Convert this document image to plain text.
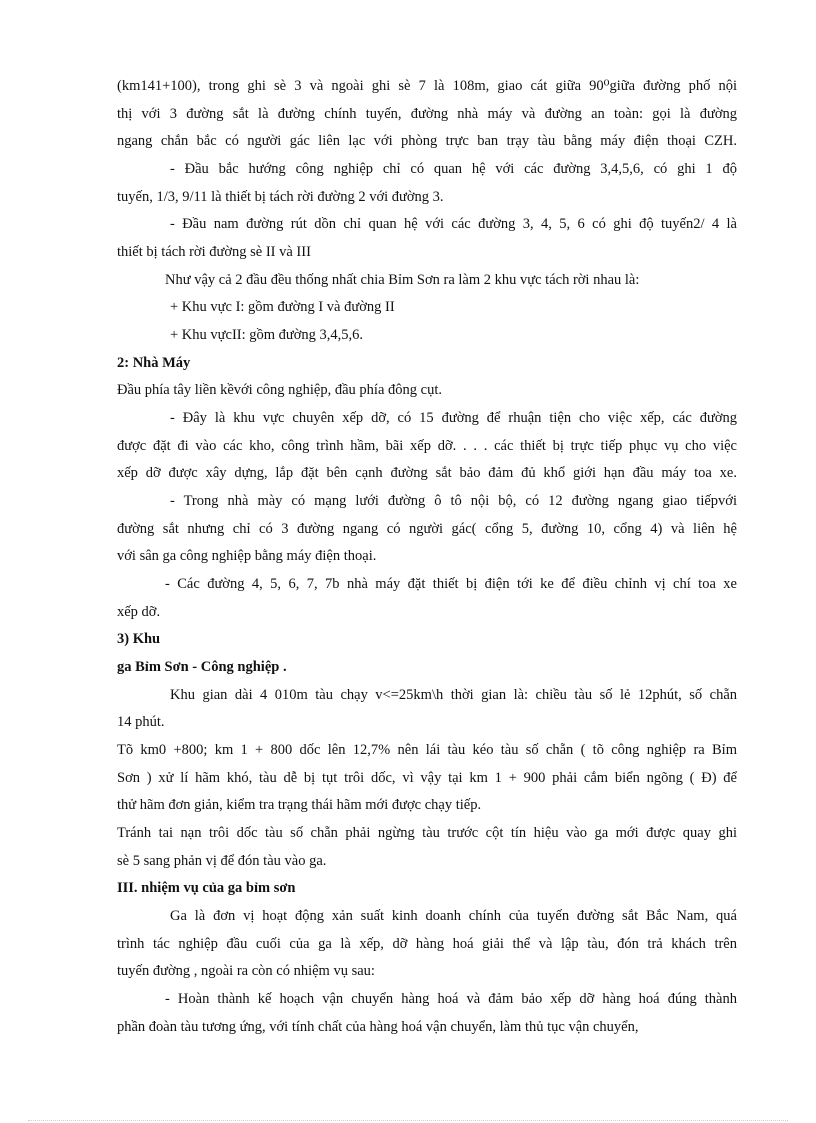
(km141+100), trong ghi sè 3 và ngoài ghi sè 7 là 108m, giao cát giữa 90⁰giữa đường phố nội
thị với 3 đường sắt là đường chính tuyến, đường nhà máy và đường an toàn: gọi là đường
ngang chắn bắc có người gác liên lạc với phòng trực ban trạy tàu bằng máy điện thoại CZH.
- Đầu bắc hướng công nghiệp chỉ có quan hệ với các đường 3,4,5,6, có ghi 1 độ
tuyến, 1/3, 9/11 là thiết bị tách rời đường 2 với đường 3.
- Đầu nam đường rút dồn chỉ quan hệ với các đường 3, 4, 5, 6 có ghi độ tuyến2/ 4 là
thiết bị tách rời đường sè II và III
Như vậy cả 2 đầu đều thống nhất chia Bỉm Sơn ra làm 2 khu vực tách rời nhau là:
+ Khu vực I: gồm đường I và đường II
+ Khu vựcII: gồm đường 3,4,5,6.
2: Nhà Máy
Đầu phía tây liền kềvới công nghiệp, đầu phía đông cụt.
- Đây là khu vực chuyên xếp dỡ, có 15 đường để rhuận tiện cho việc xếp, các đường
được đặt đi vào các kho, công trình hầm, bãi xếp dỡ. . . . các thiết bị trực tiếp phục vụ cho việc
xếp dỡ được xây dựng, lắp đặt bên cạnh đường sắt bảo đảm đủ khổ giới hạn đầu máy toa xe.
- Trong nhà mày có mạng lưới đường ô tô nội bộ, có 12 đường ngang giao tiếpvới
đường sắt nhưng chỉ có 3 đường ngang có người gác( cổng 5, đường 10, cổng 4) và liên hệ
với sân ga công nghiệp bằng máy điện thoại.
- Các đường 4, 5, 6, 7, 7b nhà máy đặt thiết bị điện tới ke để điều chỉnh vị chí toa xe
xếp dỡ.
3) Khu
ga Bỉm Sơn - Công nghiệp .
Khu gian dài 4 010m tàu chạy v<=25km\h thời gian là: chiều tàu số lẻ 12phút, số chẵn
14 phút.
Tõ km0 +800; km 1 + 800 dốc lên 12,7% nên lái tàu kéo tàu số chẵn ( tõ công nghiệp ra Bỉm
Sơn ) xử lí hãm khó, tàu dễ bị tụt trôi dốc, vì vậy tại km 1 + 900 phải cắm biển ngõng ( Đ) để
thử hãm đơn giản, kiểm tra trạng thái hãm mới được chạy tiếp.
Tránh tai nạn trôi dốc tàu số chẵn phải ngừng tàu trước cột tín hiệu vào ga mới được quay ghi
sè 5 sang phản vị để đón tàu vào ga.
III. nhiệm vụ của ga bỉm sơn
Ga là đơn vị hoạt động xản suất kinh doanh chính của tuyến đường sắt Bắc Nam, quá
trình tác nghiệp đầu cuối của ga là xếp, dỡ hàng hoá giải thể và lập tàu, đón trả khách trên
tuyến đường , ngoài ra còn có nhiệm vụ sau:
- Hoàn thành kế hoạch vận chuyển hàng hoá và đảm bảo xếp dỡ hàng hoá đúng thành
phần đoàn tàu tương ứng, với tính chất của hàng hoá vận chuyển, làm thủ tục vận chuyển,
